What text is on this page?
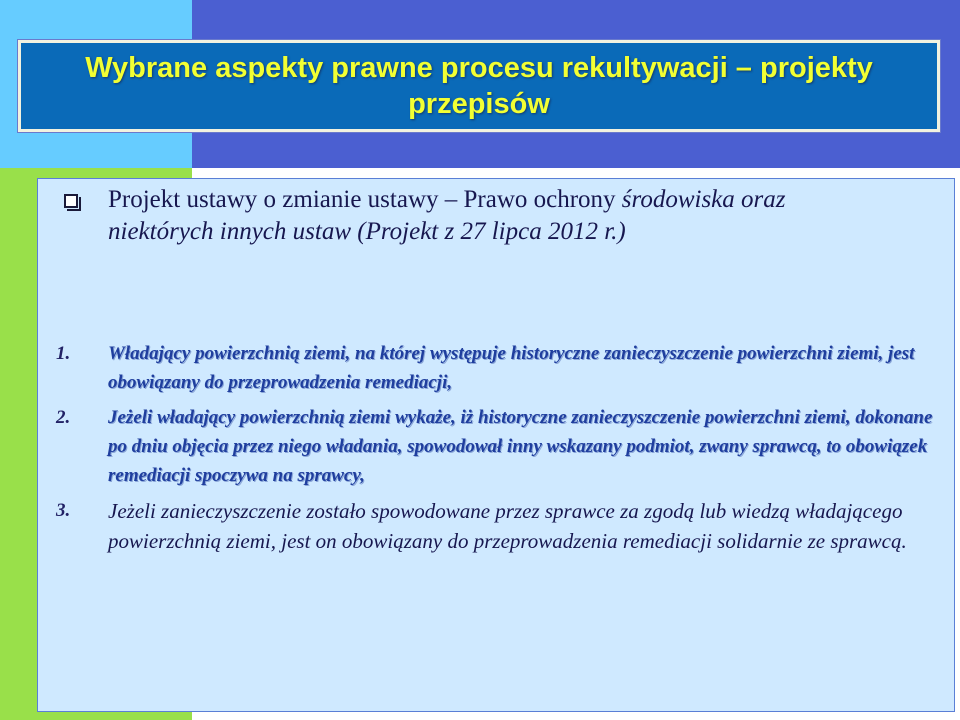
Wybrane aspekty prawne procesu rekultywacji – projekty przepisów
Projekt ustawy o zmianie ustawy – Prawo ochrony środowiska oraz niektórych innych ustaw (Projekt z 27 lipca 2012 r.)
1.	Władający powierzchnią ziemi, na której występuje historyczne zanieczyszczenie powierzchni ziemi, jest obowiązany do przeprowadzenia remediacji,
2.	Jeżeli władający powierzchnią ziemi wykaże, iż historyczne zanieczyszczenie powierzchni ziemi, dokonane po dniu objęcia przez niego władania, spowodował inny wskazany podmiot, zwany sprawcą, to obowiązek remediacji spoczywa na sprawcy,
3.	Jeżeli zanieczyszczenie zostało spowodowane przez sprawce za zgodą lub wiedzą władającego powierzchnią ziemi, jest on obowiązany do przeprowadzenia remediacji solidarnie ze sprawcą.
